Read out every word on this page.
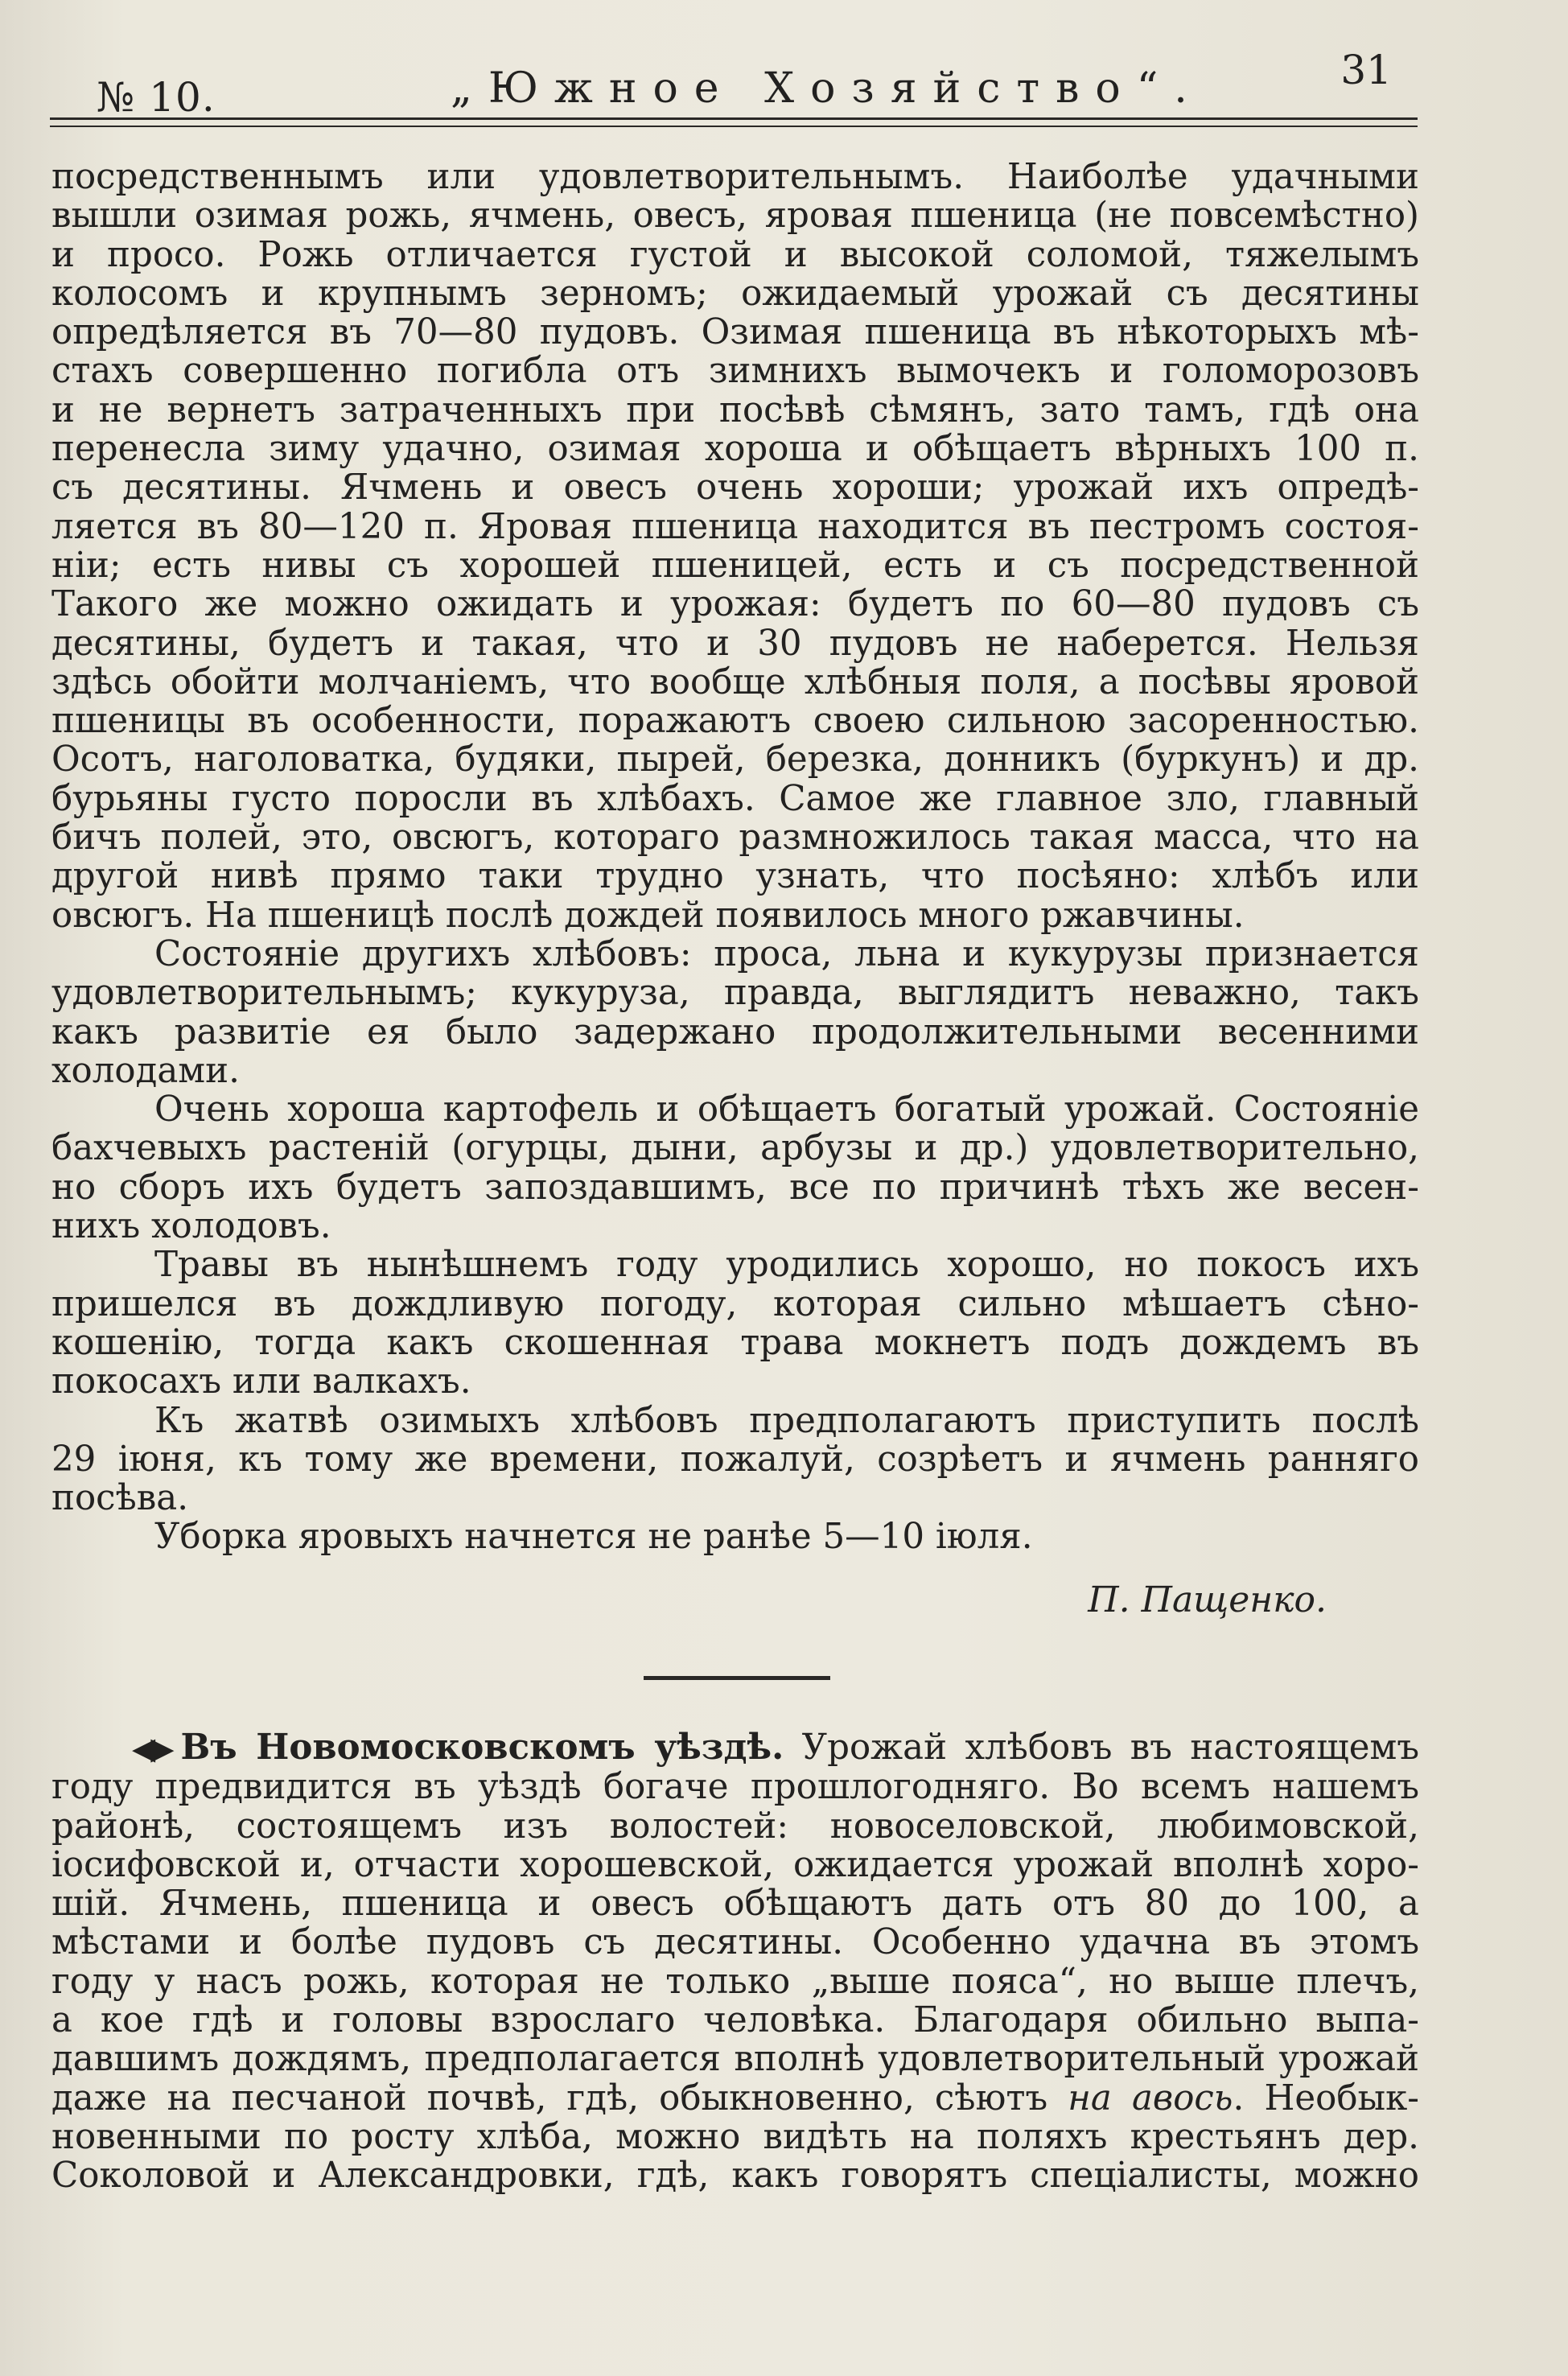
№ 10.	„Южное Хозяйство“.	31
посредственнымъ или удовлетворительнымъ. Наиболѣе удачными
вышли озимая рожь, ячмень, овесъ, яровая пшеница (не повсемѣстно)
и просо. Рожь отличается густой и высокой соломой, тяжелымъ
колосомъ и крупнымъ зерномъ; ожидаемый урожай съ десятины
опредѣляется въ 70—80 пудовъ. Озимая пшеница въ нѣкоторыхъ мѣ-
стахъ совершенно погибла отъ зимнихъ вымочекъ и голоморозовъ
и не вернетъ затраченныхъ при посѣвѣ сѣмянъ, зато тамъ, гдѣ она
перенесла зиму удачно, озимая хороша и обѣщаетъ вѣрныхъ 100 п.
съ десятины. Ячмень и овесъ очень хороши; урожай ихъ опредѣ-
ляется въ 80—120 п. Яровая пшеница находится въ пестромъ состоя-
ніи; есть нивы съ хорошей пшеницей, есть и съ посредственной
Такого же можно ожидать и урожая: будетъ по 60—80 пудовъ съ
десятины, будетъ и такая, что и 30 пудовъ не наберется. Нельзя
здѣсь обойти молчаніемъ, что вообще хлѣбныя поля, а посѣвы яровой
пшеницы въ особенности, поражаютъ своею сильною засоренностью.
Осотъ, наголоватка, будяки, пырей, березка, донникъ (буркунъ) и др.
бурьяны густо поросли въ хлѣбахъ. Самое же главное зло, главный
бичъ полей, это, овсюгъ, котораго размножилось такая масса, что на
другой нивѣ прямо таки трудно узнать, что посѣяно: хлѣбъ или
овсюгъ. На пшеницѣ послѣ дождей появилось много ржавчины.
Состояніе другихъ хлѣбовъ: проса, льна и кукурузы признается
удовлетворительнымъ; кукуруза, правда, выглядитъ неважно, такъ
какъ развитіе ея было задержано продолжительными весенними
холодами.
Очень хороша картофель и обѣщаетъ богатый урожай. Состояніе
бахчевыхъ растеній (огурцы, дыни, арбузы и др.) удовлетворительно,
но сборъ ихъ будетъ запоздавшимъ, все по причинѣ тѣхъ же весен-
нихъ холодовъ.
Травы въ нынѣшнемъ году уродились хорошо, но покосъ ихъ
пришелся въ дождливую погоду, которая сильно мѣшаетъ сѣно-
кошенію, тогда какъ скошенная трава мокнетъ подъ дождемъ въ
покосахъ или валкахъ.
Къ жатвѣ озимыхъ хлѣбовъ предполагаютъ приступить послѣ
29 іюня, къ тому же времени, пожалуй, созрѣетъ и ячмень ранняго
посѣва.
Уборка яровыхъ начнется не ранѣе 5—10 іюля.
П. Пащенко.
◀▶ Въ Новомосковскомъ уѣздѣ. Урожай хлѣбовъ въ настоящемъ
году предвидится въ уѣздѣ богаче прошлогодняго. Во всемъ нашемъ
районѣ, состоящемъ изъ волостей: новоселовской, любимовской,
іосифовской и, отчасти хорошевской, ожидается урожай вполнѣ хоро-
шій. Ячмень, пшеница и овесъ обѣщаютъ дать отъ 80 до 100, а
мѣстами и болѣе пудовъ съ десятины. Особенно удачна въ этомъ
году у насъ рожь, которая не только „выше пояса“, но выше плечъ,
а кое гдѣ и головы взрослаго человѣка. Благодаря обильно выпа-
давшимъ дождямъ, предполагается вполнѣ удовлетворительный урожай
даже на песчаной почвѣ, гдѣ, обыкновенно, сѣютъ на авось. Необык-
новенными по росту хлѣба, можно видѣть на поляхъ крестьянъ дер.
Соколовой и Александровки, гдѣ, какъ говорятъ спеціалисты, можно
